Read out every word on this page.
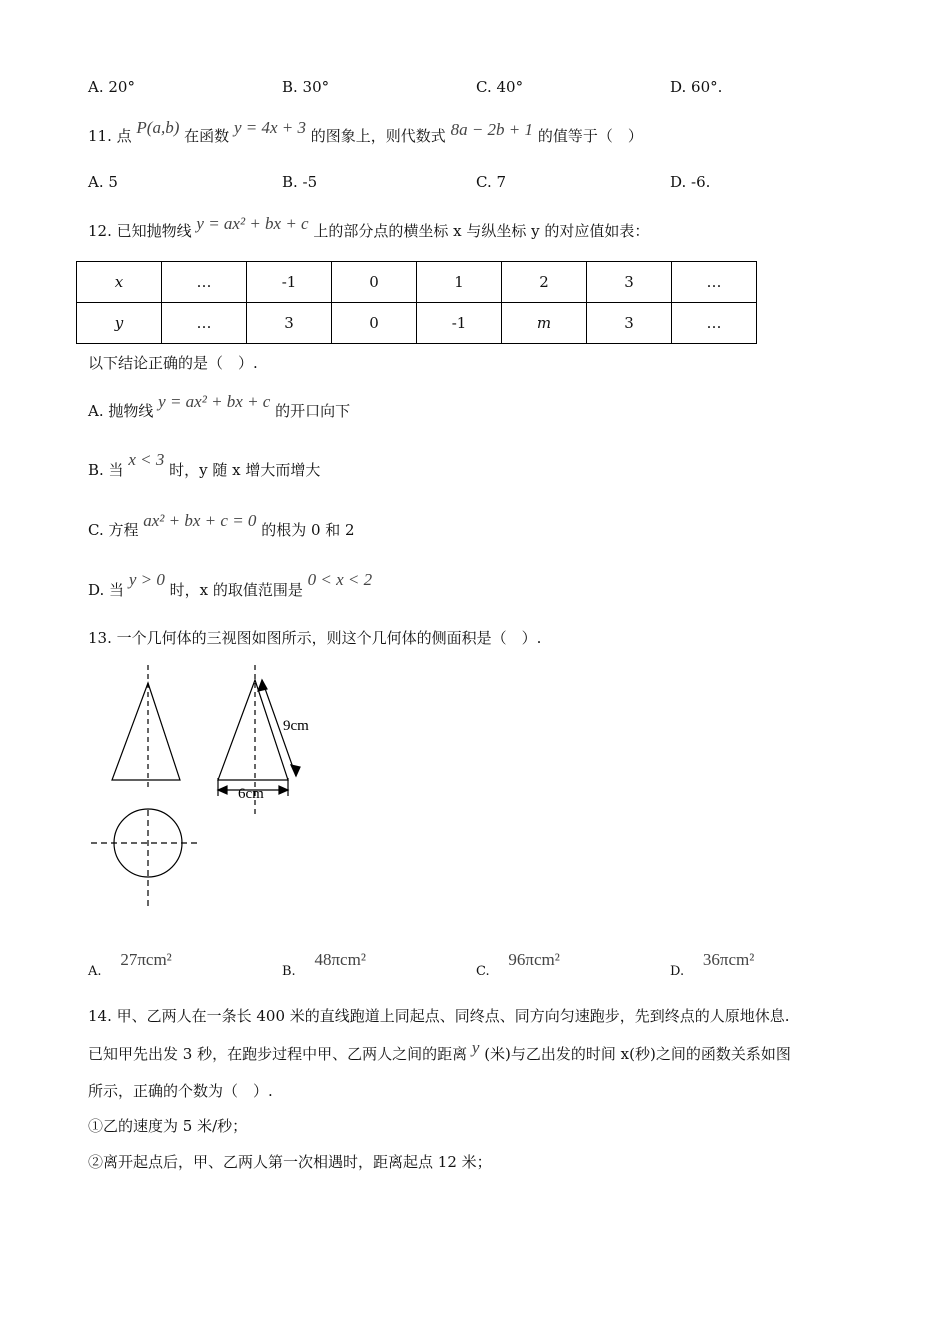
A. 20°	B. 30°	C. 40°	D. 60°.
11. 点 P(a,b) 在函数 y = 4x + 3 的图象上，则代数式 8a − 2b + 1 的值等于（　）
A. 5	B. -5	C. 7	D. -6.
12. 已知抛物线 y = ax² + bx + c 上的部分点的横坐标 x 与纵坐标 y 的对应值如表：
x	…	-1	0	1	2	3	…
y	…	3	0	-1	m	3	…
以下结论正确的是（　）.
A. 抛物线 y = ax² + bx + c 的开口向下
B. 当 x < 3 时，y 随 x 增大而增大
C. 方程 ax² + bx + c = 0 的根为 0 和 2
D. 当 y > 0 时，x 的取值范围是 0 < x < 2
13. 一个几何体的三视图如图所示，则这个几何体的侧面积是（　）.
9cm
6cm
A. 27πcm²
B. 48πcm²
C. 96πcm²
D. 36πcm²
14. 甲、乙两人在一条长 400 米的直线跑道上同起点、同终点、同方向匀速跑步，先到终点的人原地休息.
已知甲先出发 3 秒，在跑步过程中甲、乙两人之间的距离 y (米)与乙出发的时间 x(秒)之间的函数关系如图
所示，正确的个数为（　）.
①乙的速度为 5 米/秒；
②离开起点后，甲、乙两人第一次相遇时，距离起点 12 米；
